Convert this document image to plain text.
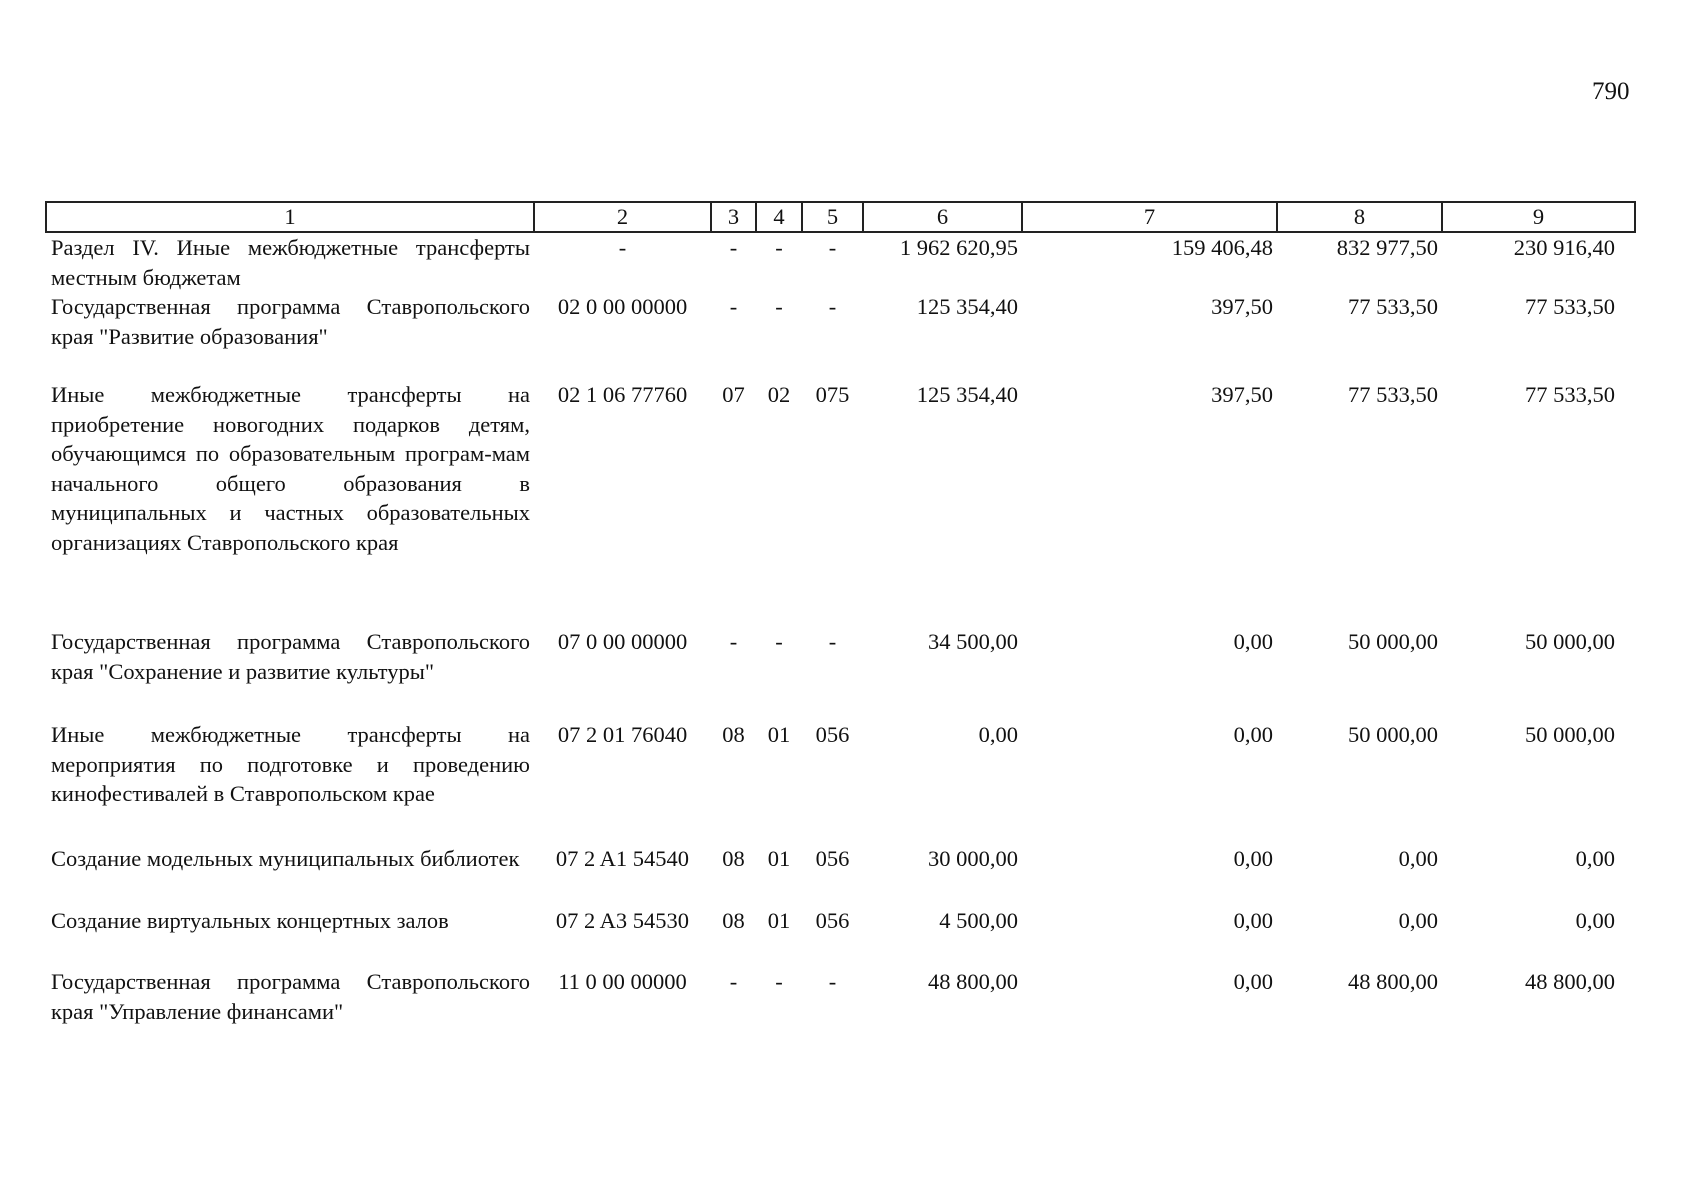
790
1	2	3	4	5	6	7	8	9
Раздел IV. Иные межбюджетные трансферты местным бюджетам	-	-	-	-	1 962 620,95	159 406,48	832 977,50	230 916,40
Государственная программа Ставропольского края "Развитие образования"	02 0 00 00000	-	-	-	125 354,40	397,50	77 533,50	77 533,50
Иные межбюджетные трансферты на приобретение новогодних подарков детям, обучающимся по образовательным програм-мам начального общего образования в муниципальных и частных образовательных организациях Ставропольского края	02 1 06 77760	07	02	075	125 354,40	397,50	77 533,50	77 533,50
Государственная программа Ставропольского края "Сохранение и развитие культуры"	07 0 00 00000	-	-	-	34 500,00	0,00	50 000,00	50 000,00
Иные межбюджетные трансферты на мероприятия по подготовке и проведению кинофестивалей в Ставропольском крае	07 2 01 76040	08	01	056	0,00	0,00	50 000,00	50 000,00
Создание модельных муниципальных библиотек	07 2 A1 54540	08	01	056	30 000,00	0,00	0,00	0,00
Создание виртуальных концертных залов	07 2 A3 54530	08	01	056	4 500,00	0,00	0,00	0,00
Государственная программа Ставропольского края "Управление финансами"	11 0 00 00000	-	-	-	48 800,00	0,00	48 800,00	48 800,00
